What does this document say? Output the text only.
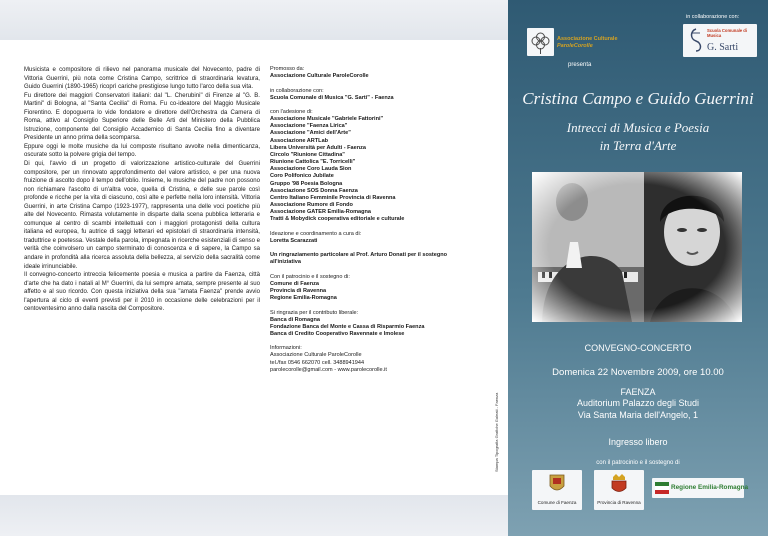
Musicista e compositore di rilievo nel panorama musicale del Novecento, padre di Vittoria Guerrini, più nota come Cristina Campo, scrittrice di straordinaria levatura, Guido Guerrini (1890-1965) ricoprì cariche prestigiose lungo tutto l'arco della sua vita.

Fu direttore dei maggiori Conservatori italiani: dal "L. Cherubini" di Firenze al "G. B. Martini" di Bologna, al "Santa Cecilia" di Roma. Fu co-ideatore del Maggio Musicale Fiorentino. E dopoguerra lo vide fondatore e direttore dell'Orchestra da Camera di Roma, attivo al Consiglio Superiore delle Belle Arti del Ministero della Pubblica Istruzione, componente del Consiglio Accademico di Santa Cecilia fino a diventare Presidente un anno prima della scomparsa.

Eppure oggi le molte musiche da lui composte risultano avvolte nella dimenticanza, oscurate sotto la polvere grigia del tempo.

Di qui, l'avvio di un progetto di valorizzazione artistico-culturale del Guerrini compositore, per un rinnovato approfondimento del valore artistico, e per una nuova fruizione di ascolto dopo il tempo dell'oblio. Insieme, le musiche del padre non possono non richiamare l'ascolto di un'altra voce, quella di Cristina, e delle sue parole così profonde e ricche per la vita di ciascuno, così alte e perfette nella loro intensità. Vittoria Guerrini, in arte Cristina Campo (1923-1977), rappresenta una delle voci poetiche più alte del Novecento. Rimasta volutamente in disparte dalla scena pubblica letteraria e comunque al centro di scambi intellettuali con i maggiori protagonisti della cultura italiana ed europea, fu autrice di saggi letterari ed epistolari di straordinaria intensità, traduttrice e poetessa. Vestale della parola, impegnata in ricerche esistenziali di senso e verità che coinvolsero un campo sterminato di conoscenza e di sapere, la Campo sa andare in profondità alla ricerca assoluta della bellezza, al servizio della sacralità come ideale irrinunciabile.

Il convegno-concerto intreccia felicemente poesia e musica a partire da Faenza, città d'arte che ha dato i natali al M° Guerrini, da lui sempre amata, sempre presente al suo affetto e al suo ricordo. Con questa iniziativa della sua "amata Faenza" prende avvio l'apertura al ciclo di eventi previsti per il 2010 in occasione delle celebrazioni per il centoventesimo anno dalla nascita del Compositore.

Promosso da:
Associazione Culturale ParoleCorolle
in collaborazione con:
Scuola Comunale di Musica "G. Sarti" - Faenza
con l'adesione di:
Associazione Musicale "Gabriele Fattorini"
Associazione "Faenza Lirica"
Associazione "Amici dell'Arte"
Associazione ARTLab
Libera Università per Adulti - Faenza
Circolo "Riunione Cittadina"
Riunione Cattolica "E. Torricelli"
Associazione Coro Lauda Sion
Coro Polifonico Jubilate
Gruppo '98 Poesia Bologna
Associazione SOS Donna Faenza
Centro Italiano Femminile Provincia di Ravenna
Associazione Rumore di Fondo
Associazione GATER Emilia-Romagna
Tratti & Mobydick cooperativa editoriale e culturale
Ideazione e coordinamento a cura di:
Loretta Scarazzati
Un ringraziamento particolare al Prof. Arturo Donati per il sostegno
all'iniziativa
Con il patrocinio e il sostegno di:
Comune di Faenza
Provincia di Ravenna
Regione Emilia-Romagna
Si ringrazia per il contributo liberale:
Banca di Romagna
Fondazione Banca del Monte e Cassa di Risparmio Faenza
Banca di Credito Cooperativo Ravennate e Imolese
Informazioni:
Associazione Culturale ParoleCorolle
tel./fax 0546 662070 cell. 3488941944
parolecorolle@gmail.com - www.parolecorolle.it
Stampa Tipografia Grafiche Galeati - Faenza
Associazione Culturale
ParoleCorolle
presenta
in collaborazione con:
Scuola Comunale di Musica
G. Sarti
Cristina Campo e Guido Guerrini
Intrecci di Musica e Poesia
in Terra d'Arte
CONVEGNO-CONCERTO
Domenica 22 Novembre 2009, ore 10.00
FAENZA
Auditorium Palazzo degli Studi
Via Santa Maria dell'Angelo, 1
Ingresso libero
con il patrocinio e il sostegno di
Comune di Faenza	Provincia di Ravenna
Regione Emilia-Romagna
